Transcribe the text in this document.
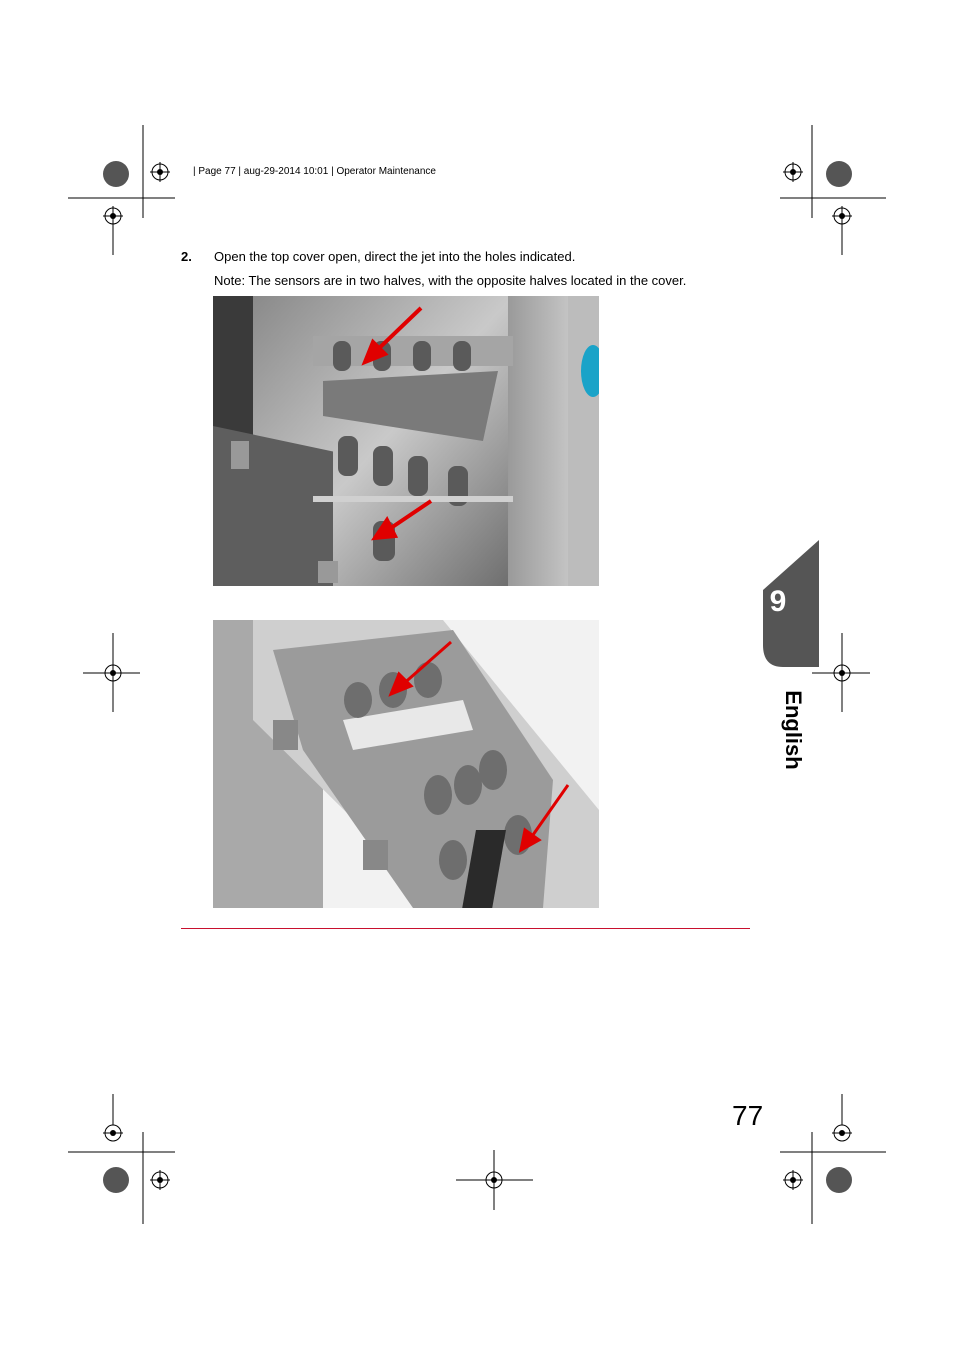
| Page 77 | aug-29-2014 10:01 | Operator Maintenance
2. Open the top cover open, direct the jet into the holes indicated.
Note: The sensors are in two halves, with the opposite halves located in the cover.
9
English
77
